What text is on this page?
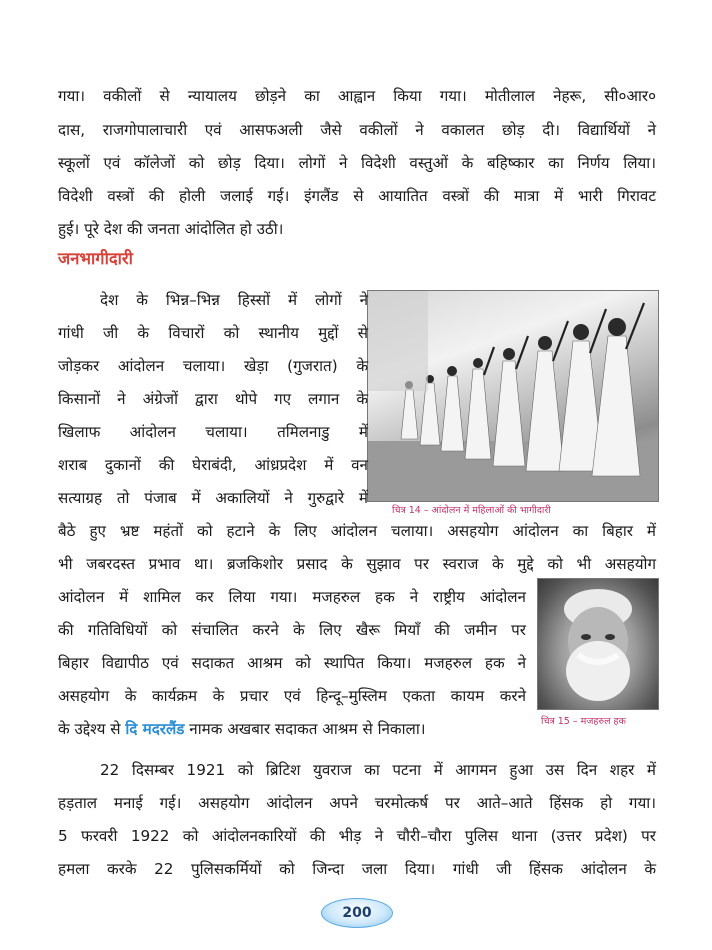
गया। वकीलों से न्यायालय छोड़ने का आह्वान किया गया। मोतीलाल नेहरू, सी०आर०
दास, राजगोपालाचारी एवं आसफअली जैसे वकीलों ने वकालत छोड़ दी। विद्यार्थियों ने
स्कूलों एवं कॉलेजों को छोड़ दिया। लोगों ने विदेशी वस्तुओं के बहिष्कार का निर्णय लिया।
विदेशी वस्त्रों की होली जलाई गई। इंगलैंड से आयातित वस्त्रों की मात्रा में भारी गिरावट
हुई। पूरे देश की जनता आंदोलित हो उठी।
जनभागीदारी
चित्र 14 – आंदोलन में महिलाओं की भागीदारी
देश के भिन्न–भिन्न हिस्सों में लोगों ने
गांधी जी के विचारों को स्थानीय मुद्दों से
जोड़कर आंदोलन चलाया। खेड़ा (गुजरात) के
किसानों ने अंग्रेजों द्वारा थोपे गए लगान के
खिलाफ आंदोलन चलाया। तमिलनाडु में
शराब दुकानों की घेराबंदी, आंध्रप्रदेश में वन
सत्याग्रह तो पंजाब में अकालियों ने गुरुद्वारे में
बैठे हुए भ्रष्ट महंतों को हटाने के लिए आंदोलन चलाया। असहयोग आंदोलन का बिहार में
भी जबरदस्त प्रभाव था। ब्रजकिशोर प्रसाद के सुझाव पर स्वराज के मुद्दे को भी असहयोग
चित्र 15 – मजहरुल हक
आंदोलन में शामिल कर लिया गया। मजहरुल हक ने राष्ट्रीय आंदोलन
की गतिविधियों को संचालित करने के लिए खैरू मियाँ की जमीन पर
बिहार विद्यापीठ एवं सदाकत आश्रम को स्थापित किया। मजहरुल हक ने
असहयोग के कार्यक्रम के प्रचार एवं हिन्दू–मुस्लिम एकता कायम करने
के उद्देश्य से दि मदरलैंड नामक अखबार सदाकत आश्रम से निकाला।
22 दिसम्बर 1921 को ब्रिटिश युवराज का पटना में आगमन हुआ उस दिन शहर में
हड़ताल मनाई गई। असहयोग आंदोलन अपने चरमोत्कर्ष पर आते–आते हिंसक हो गया।
5 फरवरी 1922 को आंदोलनकारियों की भीड़ ने चौरी–चौरा पुलिस थाना (उत्तर प्रदेश) पर
हमला करके 22 पुलिसकर्मियों को जिन्दा जला दिया। गांधी जी हिंसक आंदोलन के
200
